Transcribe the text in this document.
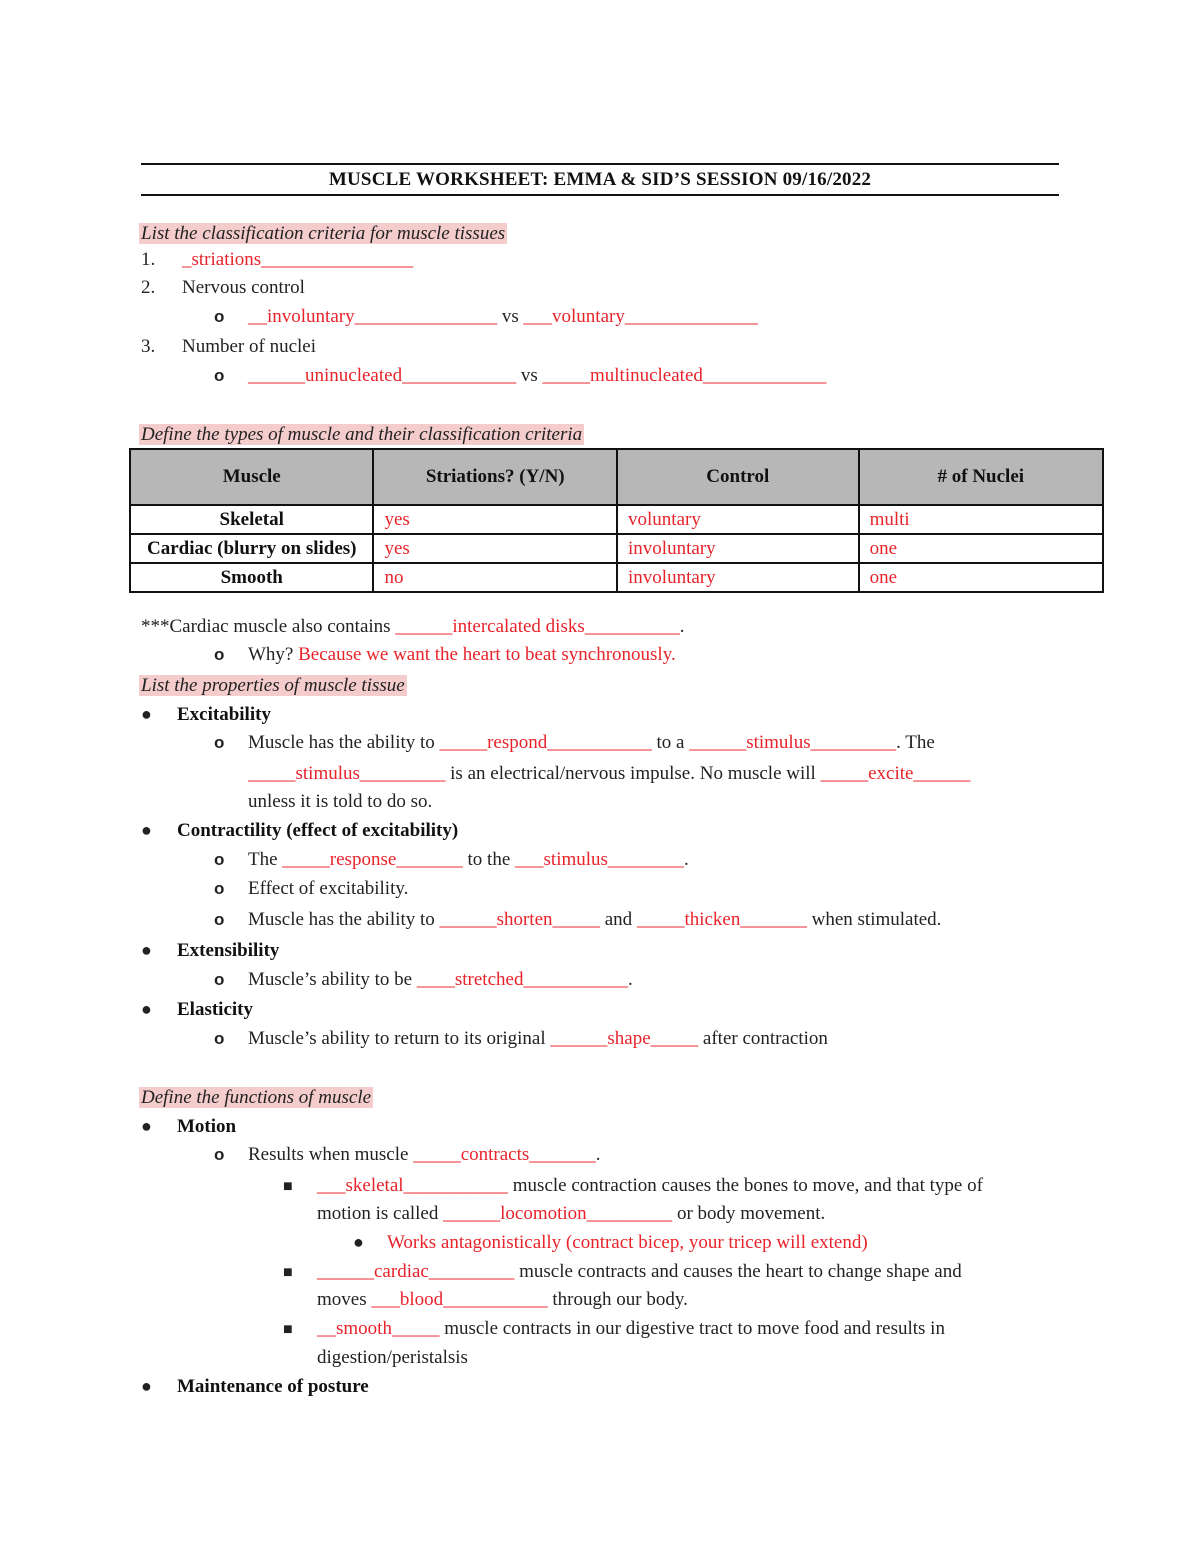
MUSCLE WORKSHEET: EMMA & SID’S SESSION 09/16/2022
List the classification criteria for muscle tissues
1. _striations________________
2. Nervous control
o __involuntary_______________ vs ___voluntary______________
3. Number of nuclei
o ______uninucleated____________ vs _____multinucleated_____________
Define the types of muscle and their classification criteria
Muscle	Striations? (Y/N)	Control	# of Nuclei
Skeletal	yes	voluntary	multi
Cardiac (blurry on slides)	yes	involuntary	one
Smooth	no	involuntary	one
***Cardiac muscle also contains ______intercalated disks__________.
o Why? Because we want the heart to beat synchronously.
List the properties of muscle tissue
● Excitability
o Muscle has the ability to _____respond___________ to a ______stimulus_________. The
_____stimulus_________ is an electrical/nervous impulse. No muscle will _____excite______
unless it is told to do so.
● Contractility (effect of excitability)
o The _____response_______ to the ___stimulus________.
o Effect of excitability.
o Muscle has the ability to ______shorten_____ and _____thicken_______ when stimulated.
● Extensibility
o Muscle’s ability to be ____stretched___________.
● Elasticity
o Muscle’s ability to return to its original ______shape_____ after contraction
Define the functions of muscle
● Motion
o Results when muscle _____contracts_______.
■ ___skeletal___________ muscle contraction causes the bones to move, and that type of
motion is called ______locomotion_________ or body movement.
● Works antagonistically (contract bicep, your tricep will extend)
■ ______cardiac_________ muscle contracts and causes the heart to change shape and
moves ___blood___________ through our body.
■ __smooth_____ muscle contracts in our digestive tract to move food and results in
digestion/peristalsis
● Maintenance of posture
